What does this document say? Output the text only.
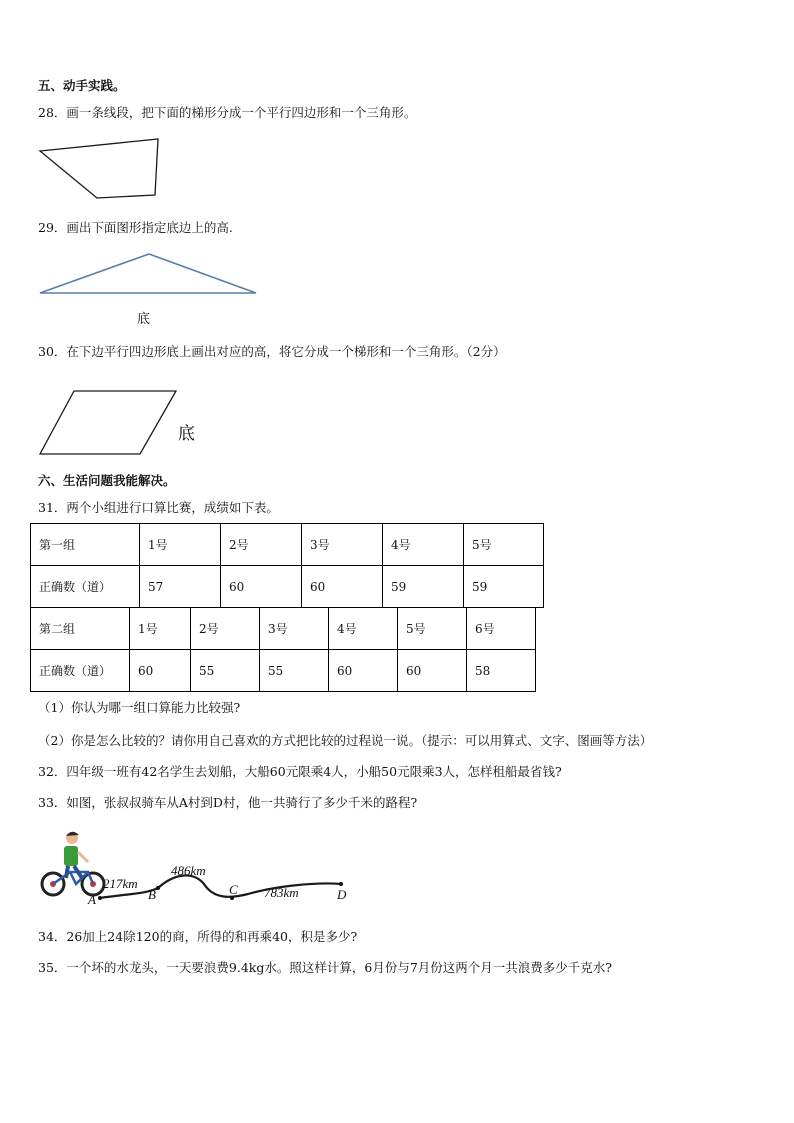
五、动手实践。
28．画一条线段，把下面的梯形分成一个平行四边形和一个三角形。
29．画出下面图形指定底边上的高.
底
30．在下边平行四边形底上画出对应的高，将它分成一个梯形和一个三角形。（2分）
底
六、生活问题我能解决。
31．两个小组进行口算比赛，成绩如下表。
第一组	1号	2号	3号	4号	5号
正确数（道）	57	60	60	59	59
第二组	1号	2号	3号	4号	5号	6号
正确数（道）	60	55	55	60	60	58
（1）你认为哪一组口算能力比较强?
（2）你是怎么比较的？请你用自己喜欢的方式把比较的过程说一说。（提示：可以用算式、文字、图画等方法）
32．四年级一班有42名学生去划船，大船60元限乘4人，小船50元限乘3人，怎样租船最省钱?
33．如图，张叔叔骑车从A村到D村，他一共骑行了多少千米的路程?
217km
486km
783km
A	B	C	D
34．26加上24除120的商，所得的和再乘40，积是多少?
35．一个坏的水龙头，一天要浪费9.4kg水。照这样计算，6月份与7月份这两个月一共浪费多少千克水?
